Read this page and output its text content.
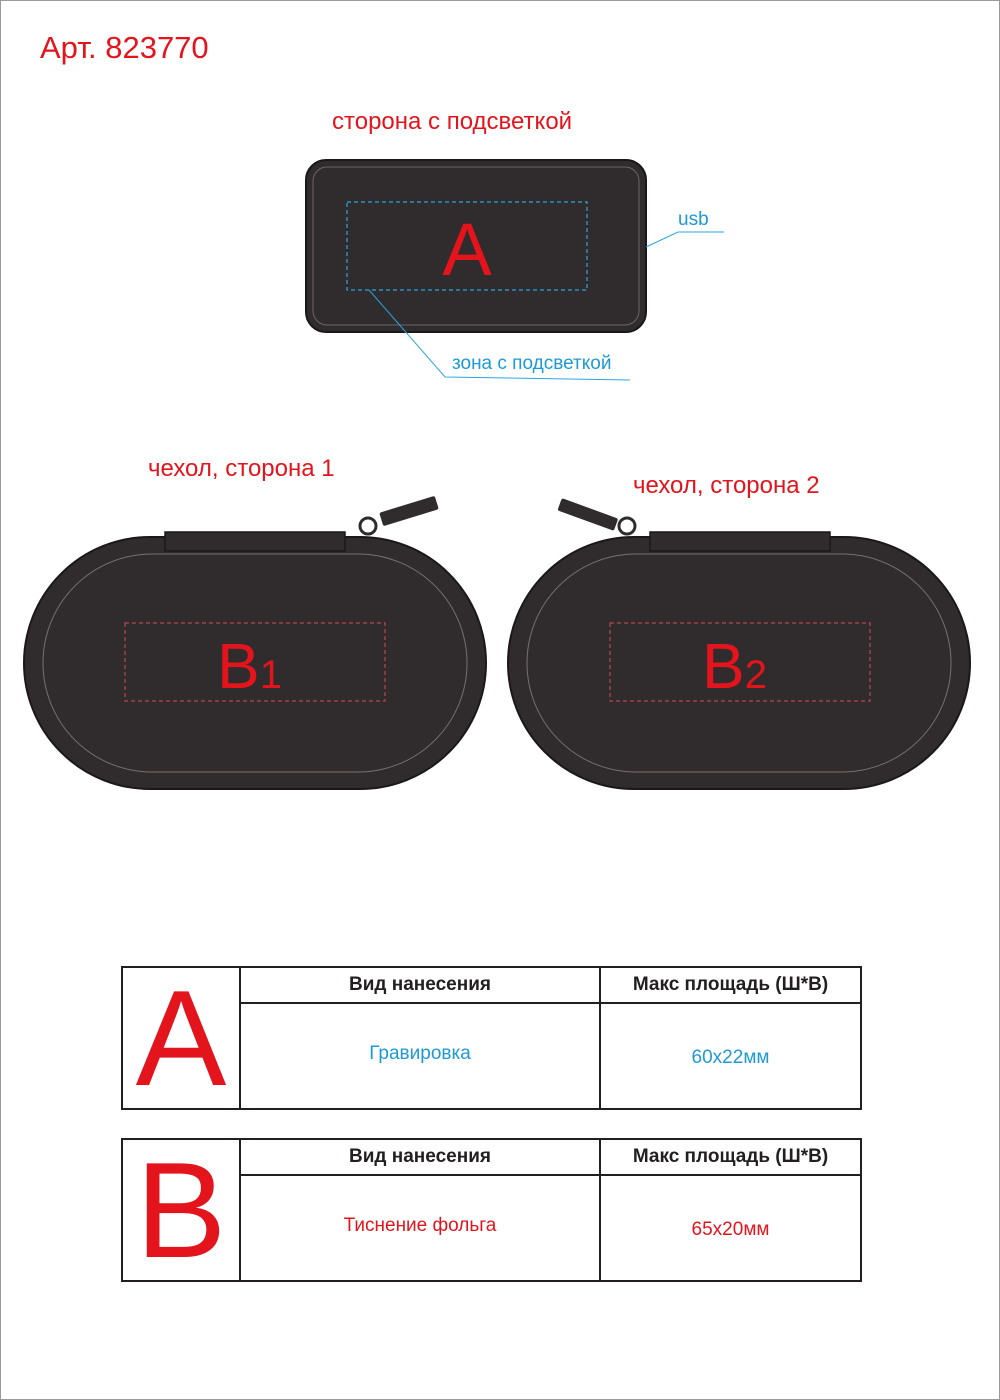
Арт. 823770
сторона с подсветкой
чехол, сторона 1
чехол, сторона 2
usb
зона с подсветкой
A
B1	B2
A	Вид нанесения	Макс площадь (Ш*В)
Гравировка	60x22мм
B	Вид нанесения	Макс площадь (Ш*В)
Тиснение фольга	65x20мм
